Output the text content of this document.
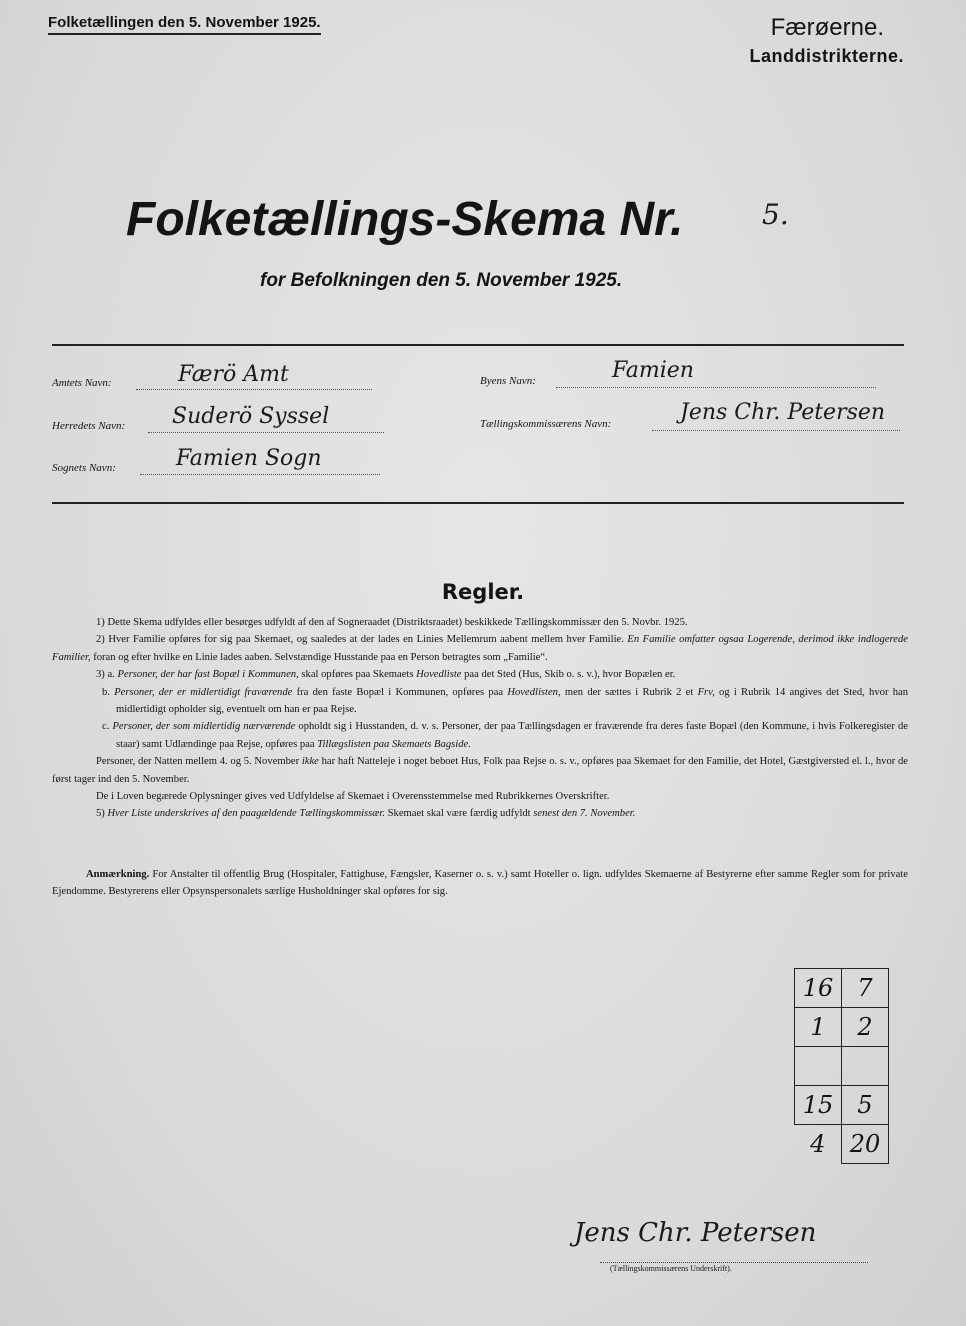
Folketællingen den 5. November 1925.	Færøerne.
Landdistrikterne.
Folketællings-Skema Nr.	5.
for Befolkningen den 5. November 1925.
Amtets Navn:	Færö Amt
Herredets Navn: Suderö Syssel
Sognets Navn:	Famien Sogn
Byens Navn:	Famien
Tællingskommissærens Navn:	Jens Chr. Petersen
Regler.

1) Dette Skema udfyldes eller besørges udfyldt af den af Sogneraadet (Distriktsraadet) beskikkede Tællingskommissær den 5. Novbr. 1925.

2) Hver Familie opføres for sig paa Skemaet, og saaledes at der lades en Linies Mellemrum aabent mellem hver Familie. En Familie omfatter ogsaa Logerende, derimod ikke indlogerede Familier, foran og efter hvilke en Linie lades aaben. Selvstændige Husstande paa en Person betragtes som „Familie“.

3) a. Personer, der har fast Bopæl i Kommunen, skal opføres paa Skemaets Hovedliste paa det Sted (Hus, Skib o. s. v.), hvor Bopælen er.

b. Personer, der er midlertidigt fraværende fra den faste Bopæl i Kommunen, opføres paa Hovedlisten, men der sættes i Rubrik 2 et Frv, og i Rubrik 14 angives det Sted, hvor han midlertidigt opholder sig, eventuelt om han er paa Rejse.

c. Personer, der som midlertidig nærværende opholdt sig i Husstanden, d. v. s. Personer, der paa Tællingsdagen er fraværende fra deres faste Bopæl (den Kommune, i hvis Folkeregister de staar) samt Udlændinge paa Rejse, opføres paa Tillægslisten paa Skemaets Bagside.

Personer, der Natten mellem 4. og 5. November ikke har haft Natteleje i noget beboet Hus, Folk paa Rejse o. s. v., opføres paa Skemaet for den Familie, det Hotel, Gæstgiversted el. l., hvor de først tager ind den 5. November.

De i Loven begærede Oplysninger gives ved Udfyldelse af Skemaet i Overensstemmelse med Rubrikkernes Overskrifter.

5) Hver Liste underskrives af den paagældende Tællingskommissær. Skemaet skal være færdig udfyldt senest den 7. November.

Anmærkning. For Anstalter til offentlig Brug (Hospitaler, Fattighuse, Fængsler, Kaserner o. s. v.) samt Hoteller o. lign. udfyldes Skemaerne af Bestyrerne efter samme Regler som for private Ejendomme. Bestyrerens eller Opsynspersonalets særlige Husholdninger skal opføres for sig.

16	7
1	2

15	5
4	20
Jens Chr. Petersen
(Tællingskommissærens Underskrift).
